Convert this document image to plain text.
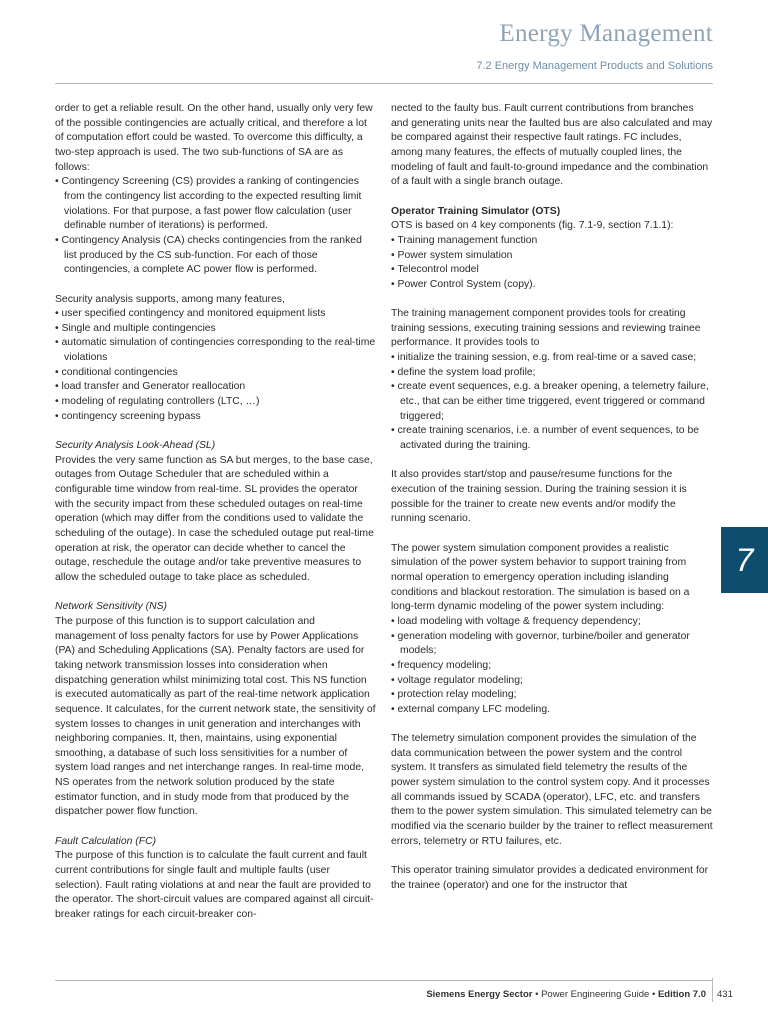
Energy Management
7.2 Energy Management Products and Solutions

order to get a reliable result. On the other hand, usually only very few of the possible contingencies are actually critical, and therefore a lot of computation effort could be wasted. To overcome this difficulty, a two-step approach is used. The two sub-functions of SA are as follows:

• Contingency Screening (CS) provides a ranking of contingencies from the contingency list according to the expected resulting limit violations. For that purpose, a fast power flow calculation (user definable number of iterations) is performed.

• Contingency Analysis (CA) checks contingencies from the ranked list produced by the CS sub-function. For each of those contingencies, a complete AC power flow is performed.

Security analysis supports, among many features,

• user specified contingency and monitored equipment lists

• Single and multiple contingencies

• automatic simulation of contingencies corresponding to the real-time violations

• conditional contingencies

• load transfer and Generator reallocation

• modeling of regulating controllers (LTC, …)

• contingency screening bypass

Security Analysis Look-Ahead (SL)

Provides the very same function as SA but merges, to the base case, outages from Outage Scheduler that are scheduled within a configurable time window from real-time. SL provides the operator with the security impact from these scheduled outages on real-time operation (which may differ from the conditions used to validate the scheduling of the outage). In case the scheduled outage put real-time operation at risk, the operator can decide whether to cancel the outage, reschedule the outage and/or take preventive measures to allow the scheduled outage to take place as scheduled.

Network Sensitivity (NS)

The purpose of this function is to support calculation and management of loss penalty factors for use by Power Applications (PA) and Scheduling Applications (SA). Penalty factors are used for taking network transmission losses into consideration when dispatching generation whilst minimizing total cost. This NS function is executed automatically as part of the real-time network application sequence. It calculates, for the current network state, the sensitivity of system losses to changes in unit generation and interchanges with neighboring companies. It, then, maintains, using exponential smoothing, a database of such loss sensitivities for a number of system load ranges and net interchange ranges. In real-time mode, NS operates from the network solution produced by the state estimator function, and in study mode from that produced by the dispatcher power flow function.

Fault Calculation (FC)

The purpose of this function is to calculate the fault current and fault current contributions for single fault and multiple faults (user selection). Fault rating violations at and near the fault are provided to the operator. The short-circuit values are compared against all circuit-breaker ratings for each circuit-breaker con-

nected to the faulty bus. Fault current contributions from branches and generating units near the faulted bus are also calculated and may be compared against their respective fault ratings. FC includes, among many features, the effects of mutually coupled lines, the modeling of fault and fault-to-ground impedance and the combination of a fault with a single branch outage.

Operator Training Simulator (OTS)

OTS is based on 4 key components (fig. 7.1-9, section 7.1.1):

• Training management function

• Power system simulation

• Telecontrol model

• Power Control System (copy).

The training management component provides tools for creating training sessions, executing training sessions and reviewing trainee performance. It provides tools to

• initialize the training session, e.g. from real-time or a saved case;

• define the system load profile;

• create event sequences, e.g. a breaker opening, a telemetry failure, etc., that can be either time triggered, event triggered or command triggered;

• create training scenarios, i.e. a number of event sequences, to be activated during the training.

It also provides start/stop and pause/resume functions for the execution of the training session. During the training session it is possible for the trainer to create new events and/or modify the running scenario.

The power system simulation component provides a realistic simulation of the power system behavior to support training from normal operation to emergency operation including islanding conditions and blackout restoration. The simulation is based on a long-term dynamic modeling of the power system including:

• load modeling with voltage & frequency dependency;

• generation modeling with governor, turbine/boiler and generator models;

• frequency modeling;

• voltage regulator modeling;

• protection relay modeling;

• external company LFC modeling.

The telemetry simulation component provides the simulation of the data communication between the power system and the control system. It transfers as simulated field telemetry the results of the power system simulation to the control system copy. And it processes all commands issued by SCADA (operator), LFC, etc. and transfers them to the power system simulation. This simulated telemetry can be modified via the scenario builder by the trainer to reflect measurement errors, telemetry or RTU failures, etc.

This operator training simulator provides a dedicated environment for the trainee (operator) and one for the instructor that

7
Siemens Energy Sector • Power Engineering Guide • Edition 7.0 431
